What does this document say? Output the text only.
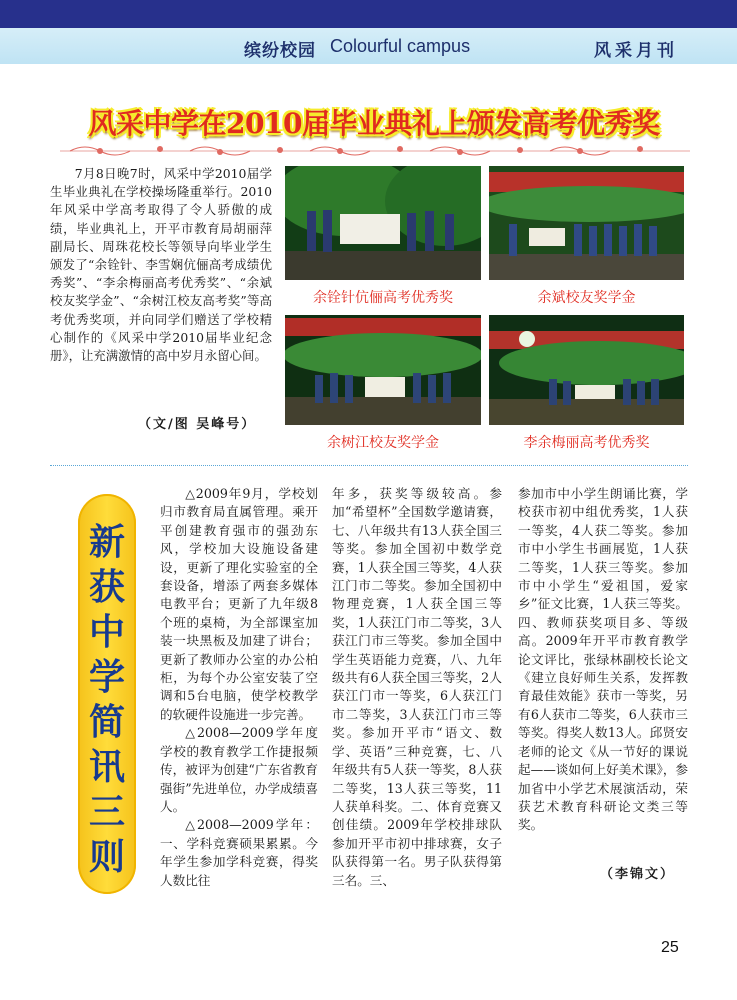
缤纷校园 Colourful campus	风采月刊
风采中学在2010届毕业典礼上颁发高考优秀奖

7月8日晚7时，风采中学2010届学生毕业典礼在学校操场隆重举行。2010年风采中学高考取得了令人骄傲的成绩，毕业典礼上，开平市教育局胡丽萍副局长、周珠花校长等领导向毕业学生颁发了“余铨针、李雪娴伉俪高考成绩优秀奖”、“李余梅丽高考优秀奖”、“余斌校友奖学金”、“余树江校友高考奖”等高考优秀奖项，并向同学们赠送了学校精心制作的《风采中学2010届毕业纪念册》，让充满激情的高中岁月永留心间。

（文/图 吴峰号）
余铨针伉俪高考优秀奖	余斌校友奖学金
余树江校友奖学金	李余梅丽高考优秀奖
新
获
中
学
简
讯
三
则

△2009年9月，学校划归市教育局直属管理。乘开平创建教育强市的强劲东风，学校加大设施设备建设，更新了理化实验室的全套设备，增添了两套多媒体电教平台；更新了九年级8个班的桌椅，为全部课室加装一块黑板及加建了讲台；更新了教师办公室的办公柏柜，为每个办公室安装了空调和5台电脑，使学校教学的软硬件设施进一步完善。

△2008—2009学年度学校的教育教学工作捷报频传，被评为创建“广东省教育强街”先进单位，办学成绩喜人。

△2008—2009学年：一、学科竞赛硕果累累。今年学生参加学科竞赛，得奖人数比往

年多，获奖等级较高。参加“希望杯”全国数学邀请赛，七、八年级共有13人获全国三等奖。参加全国初中数学竞赛，1人获全国三等奖，4人获江门市二等奖。参加全国初中物理竞赛，1人获全国三等奖，1人获江门市二等奖，3人获江门市三等奖。参加全国中学生英语能力竞赛，八、九年级共有6人获全国三等奖，2人获江门市一等奖，6人获江门市二等奖，3人获江门市三等奖。参加开平市“语文、数学、英语”三种竞赛，七、八年级共有5人获一等奖，8人获二等奖，13人获三等奖，11人获单科奖。二、体育竞赛又创佳绩。2009年学校排球队参加开平市初中排球赛，女子队获得第一名。男子队获得第三名。三、

参加市中小学生朗诵比赛，学校获市初中组优秀奖，1人获一等奖，4人获二等奖。参加市中小学生书画展览，1人获二等奖，1人获三等奖。参加市中小学生“爱祖国，爱家乡”征文比赛，1人获三等奖。四、教师获奖项目多、等级高。2009年开平市教育教学论文评比，张绿林副校长论文《建立良好师生关系，发挥教育最佳效能》获市一等奖，另有6人获市二等奖，6人获市三等奖。得奖人数13人。邱贤安老师的论文《从一节好的课说起——谈如何上好美术课》，参加省中小学艺术展演活动，荣获艺术教育科研论文类三等奖。

（李锦文）
25
